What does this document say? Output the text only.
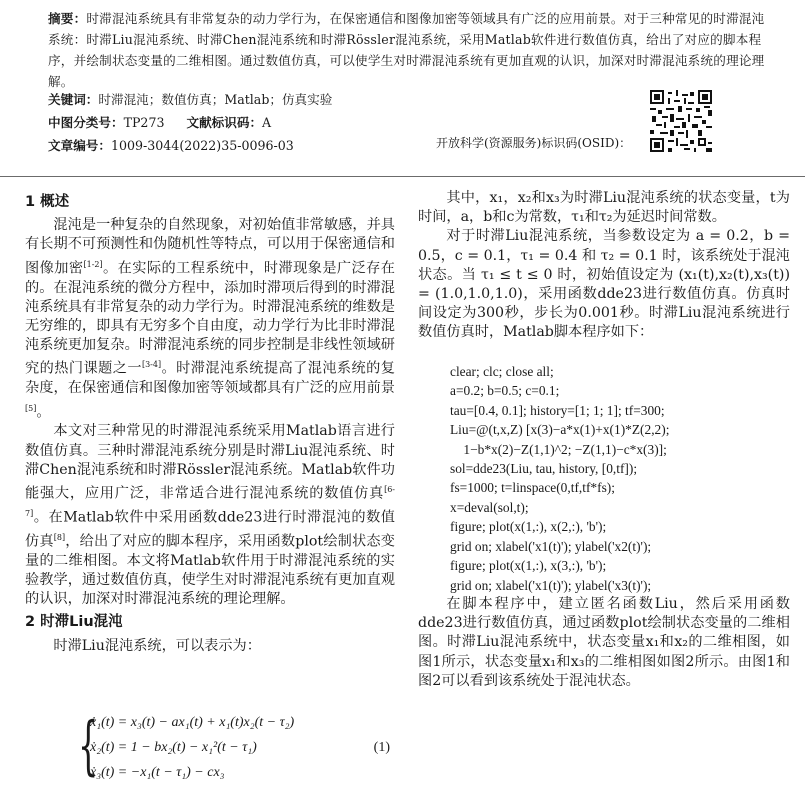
摘要：时滞混沌系统具有非常复杂的动力学行为，在保密通信和图像加密等领域具有广泛的应用前景。对于三种常见的时滞混沌系统：时滞Liu混沌系统、时滞Chen混沌系统和时滞Rössler混沌系统，采用Matlab软件进行数值仿真，给出了对应的脚本程序，并绘制状态变量的二维相图。通过数值仿真，可以使学生对时滞混沌系统有更加直观的认识，加深对时滞混沌系统的理论理解。
关键词：时滞混沌；数值仿真；Matlab；仿真实验
中图分类号：TP273 文献标识码：A
文章编号：1009-3044(2022)35-0096-03	开放科学(资源服务)标识码(OSID)：
1 概述

混沌是一种复杂的自然现象，对初始值非常敏感，并具有长期不可预测性和伪随机性等特点，可以用于保密通信和图像加密[1-2]。在实际的工程系统中，时滞现象是广泛存在的。在混沌系统的微分方程中，添加时滞项后得到的时滞混沌系统具有非常复杂的动力学行为。时滞混沌系统的维数是无穷维的，即具有无穷多个自由度，动力学行为比非时滞混沌系统更加复杂。时滞混沌系统的同步控制是非线性领域研究的热门课题之一[3-4]。时滞混沌系统提高了混沌系统的复杂度，在保密通信和图像加密等领域都具有广泛的应用前景[5]。

本文对三种常见的时滞混沌系统采用Matlab语言进行数值仿真。三种时滞混沌系统分别是时滞Liu混沌系统、时滞Chen混沌系统和时滞Rössler混沌系统。Matlab软件功能强大，应用广泛，非常适合进行混沌系统的数值仿真[6-7]。在Matlab软件中采用函数dde23进行时滞混沌的数值仿真[8]，给出了对应的脚本程序，采用函数plot绘制状态变量的二维相图。本文将Matlab软件用于时滞混沌系统的实验教学，通过数值仿真，使学生对时滞混沌系统有更加直观的认识，加深对时滞混沌系统的理论理解。

2 时滞Liu混沌

时滞Liu混沌系统，可以表示为：

{
ẋ₁(t) = x₃(t) − ax₁(t) + x₁(t)x₂(t − τ₂)
ẋ₂(t) = 1 − bx₂(t) − x₁²(t − τ₁)
ẋ₃(t) = −x₁(t − τ₁) − cx₃
(1)

其中，x₁，x₂和x₃为时滞Liu混沌系统的状态变量，t为时间，a，b和c为常数，τ₁和τ₂为延迟时间常数。

对于时滞Liu混沌系统，当参数设定为 a = 0.2，b = 0.5，c = 0.1，τ₁ = 0.4 和 τ₂ = 0.1 时，该系统处于混沌状态。当 τ₁ ≤ t ≤ 0 时，初始值设定为 (x₁(t),x₂(t),x₃(t)) = (1.0,1.0,1.0)，采用函数dde23进行数值仿真。仿真时间设定为300秒，步长为0.001秒。时滞Liu混沌系统进行数值仿真时，Matlab脚本程序如下：

clear; clc; close all;
a=0.2; b=0.5; c=0.1;
tau=[0.4, 0.1]; history=[1; 1; 1]; tf=300;
Liu=@(t,x,Z) [x(3)−a*x(1)+x(1)*Z(2,2);
1−b*x(2)−Z(1,1)^2; −Z(1,1)−c*x(3)];
sol=dde23(Liu, tau, history, [0,tf]);
fs=1000; t=linspace(0,tf,tf*fs);
x=deval(sol,t);
figure; plot(x(1,:), x(2,:), 'b');
grid on; xlabel('x1(t)'); ylabel('x2(t)');
figure; plot(x(1,:), x(3,:), 'b');
grid on; xlabel('x1(t)'); ylabel('x3(t)');

在脚本程序中，建立匿名函数Liu，然后采用函数dde23进行数值仿真，通过函数plot绘制状态变量的二维相图。时滞Liu混沌系统中，状态变量x₁和x₂的二维相图，如图1所示，状态变量x₁和x₃的二维相图如图2所示。由图1和图2可以看到该系统处于混沌状态。
